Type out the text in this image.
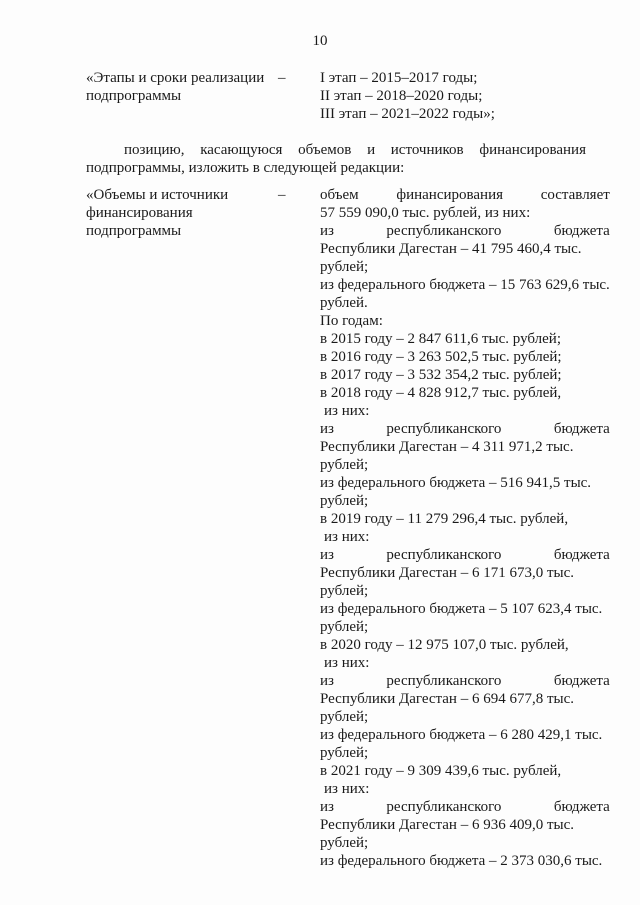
10
«Этапы и сроки реализации
подпрограммы
–	I этап – 2015–2017 годы;
II этап – 2018–2020 годы;
III этап – 2021–2022 годы»;
позицию, касающуюся объемов и источников финансирования
подпрограммы, изложить в следующей редакции:
«Объемы и источники
финансирования
подпрограммы
–	объем	финансирования	составляет
57 559 090,0 тыс. рублей, из них:
из	республиканского	бюджета
Республики Дагестан – 41 795 460,4 тыс.
рублей;
из федерального бюджета – 15 763 629,6 тыс.
рублей.
По годам:
в 2015 году – 2 847 611,6 тыс. рублей;
в 2016 году – 3 263 502,5 тыс. рублей;
в 2017 году – 3 532 354,2 тыс. рублей;
в 2018 году – 4 828 912,7 тыс. рублей,
из них:
из	республиканского	бюджета
Республики Дагестан – 4 311 971,2 тыс.
рублей;
из федерального бюджета – 516 941,5 тыс.
рублей;
в 2019 году – 11 279 296,4 тыс. рублей,
из них:
из	республиканского	бюджета
Республики Дагестан – 6 171 673,0 тыс.
рублей;
из федерального бюджета – 5 107 623,4 тыс.
рублей;
в 2020 году – 12 975 107,0 тыс. рублей,
из них:
из	республиканского	бюджета
Республики Дагестан – 6 694 677,8 тыс.
рублей;
из федерального бюджета – 6 280 429,1 тыс.
рублей;
в 2021 году – 9 309 439,6 тыс. рублей,
из них:
из	республиканского	бюджета
Республики Дагестан – 6 936 409,0 тыс.
рублей;
из федерального бюджета – 2 373 030,6 тыс.
